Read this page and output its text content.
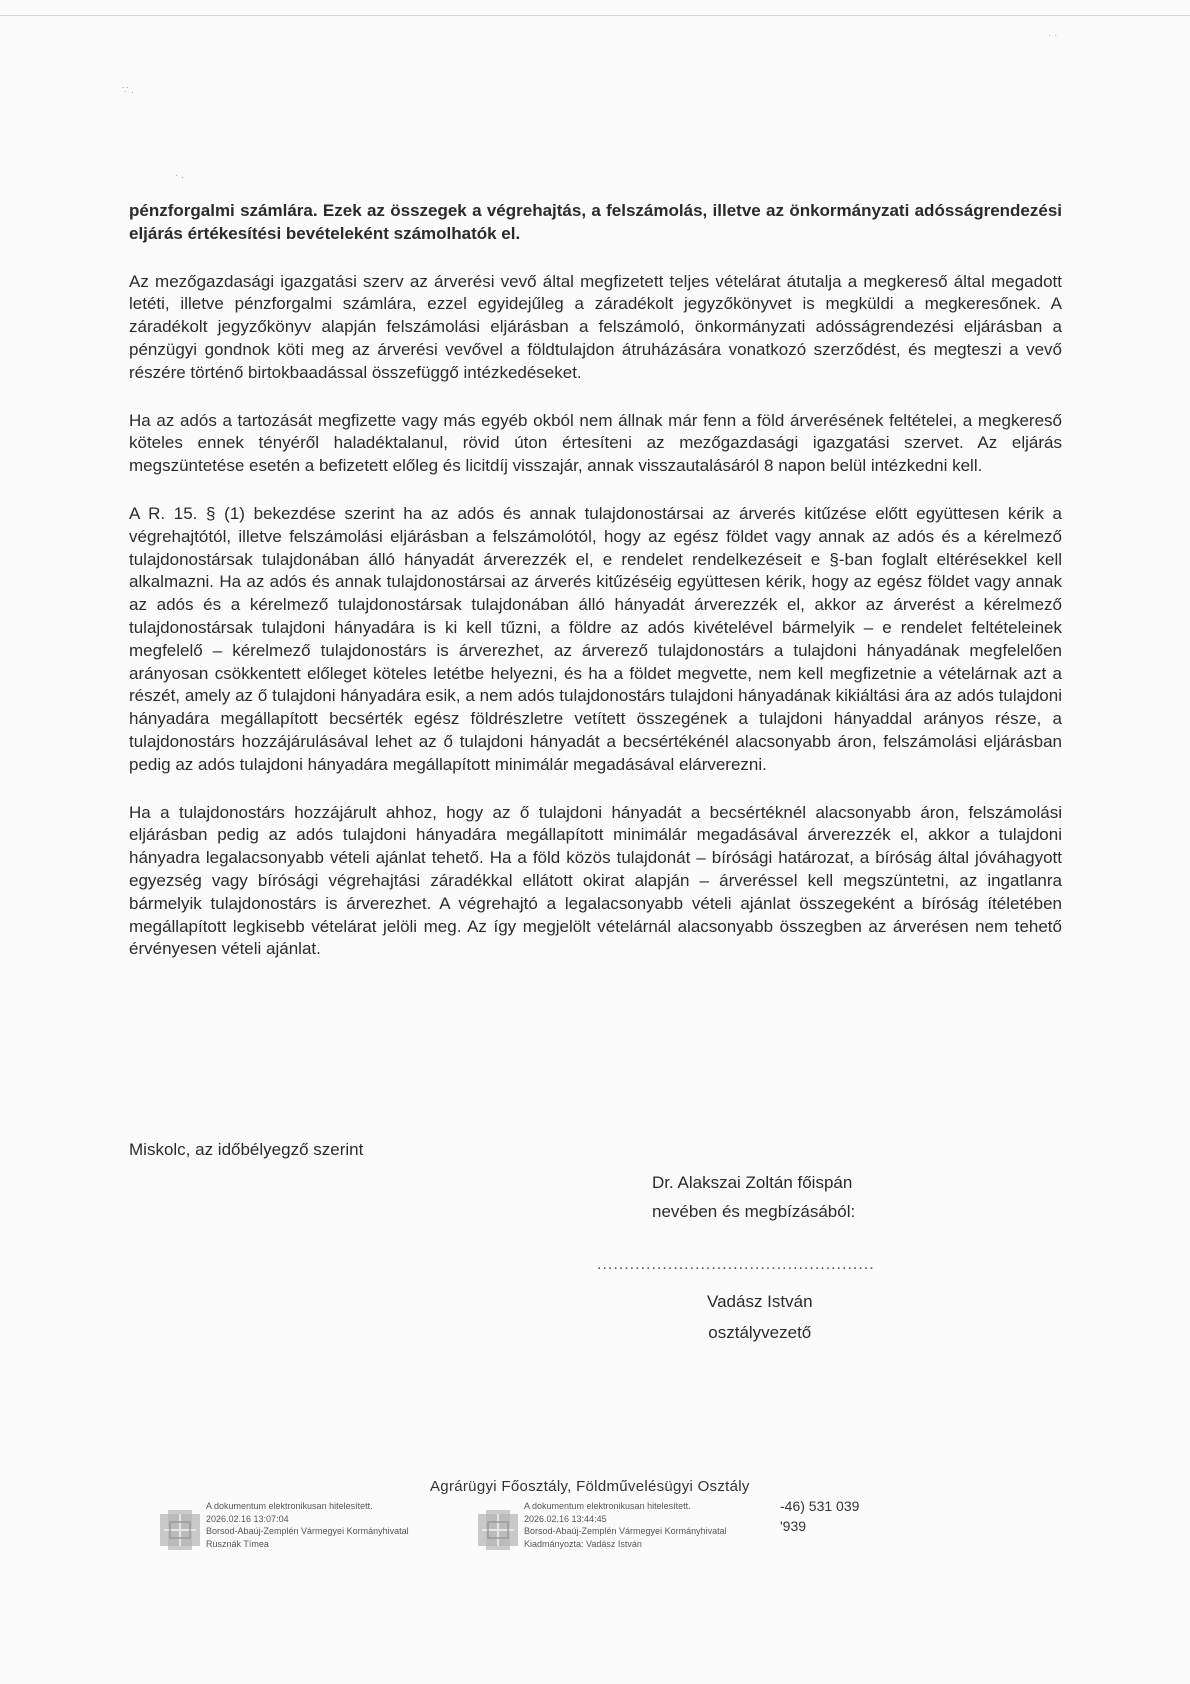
∵ .
· .
· ·

pénzforgalmi számlára. Ezek az összegek a végrehajtás, a felszámolás, illetve az önkormányzati adósságrendezési eljárás értékesítési bevételeként számolhatók el.

Az mezőgazdasági igazgatási szerv az árverési vevő által megfizetett teljes vételárat átutalja a megkereső által megadott letéti, illetve pénzforgalmi számlára, ezzel egyidejűleg a záradékolt jegyzőkönyvet is megküldi a megkeresőnek. A záradékolt jegyzőkönyv alapján felszámolási eljárásban a felszámoló, önkormányzati adósságrendezési eljárásban a pénzügyi gondnok köti meg az árverési vevővel a földtulajdon átruházására vonatkozó szerződést, és megteszi a vevő részére történő birtokbaadással összefüggő intézkedéseket.

Ha az adós a tartozását megfizette vagy más egyéb okból nem állnak már fenn a föld árverésének feltételei, a megkereső köteles ennek tényéről haladéktalanul, rövid úton értesíteni az mezőgazdasági igazgatási szervet. Az eljárás megszüntetése esetén a befizetett előleg és licitdíj visszajár, annak visszautalásáról 8 napon belül intézkedni kell.

A R. 15. § (1) bekezdése szerint ha az adós és annak tulajdonostársai az árverés kitűzése előtt együttesen kérik a végrehajtótól, illetve felszámolási eljárásban a felszámolótól, hogy az egész földet vagy annak az adós és a kérelmező tulajdonostársak tulajdonában álló hányadát árverezzék el, e rendelet rendelkezéseit e §-ban foglalt eltérésekkel kell alkalmazni. Ha az adós és annak tulajdonostársai az árverés kitűzéséig együttesen kérik, hogy az egész földet vagy annak az adós és a kérelmező tulajdonostársak tulajdonában álló hányadát árverezzék el, akkor az árverést a kérelmező tulajdonostársak tulajdoni hányadára is ki kell tűzni, a földre az adós kivételével bármelyik – e rendelet feltételeinek megfelelő – kérelmező tulajdonostárs is árverezhet, az árverező tulajdonostárs a tulajdoni hányadának megfelelően arányosan csökkentett előleget köteles letétbe helyezni, és ha a földet megvette, nem kell megfizetnie a vételárnak azt a részét, amely az ő tulajdoni hányadára esik, a nem adós tulajdonostárs tulajdoni hányadának kikiáltási ára az adós tulajdoni hányadára megállapított becsérték egész földrészletre vetített összegének a tulajdoni hányaddal arányos része, a tulajdonostárs hozzájárulásával lehet az ő tulajdoni hányadát a becsértékénél alacsonyabb áron, felszámolási eljárásban pedig az adós tulajdoni hányadára megállapított minimálár megadásával elárverezni.

Ha a tulajdonostárs hozzájárult ahhoz, hogy az ő tulajdoni hányadát a becsértéknél alacsonyabb áron, felszámolási eljárásban pedig az adós tulajdoni hányadára megállapított minimálár megadásával árverezzék el, akkor a tulajdoni hányadra legalacsonyabb vételi ajánlat tehető. Ha a föld közös tulajdonát – bírósági határozat, a bíróság által jóváhagyott egyezség vagy bírósági végrehajtási záradékkal ellátott okirat alapján – árveréssel kell megszüntetni, az ingatlanra bármelyik tulajdonostárs is árverezhet. A végrehajtó a legalacsonyabb vételi ajánlat összegeként a bíróság ítéletében megállapított legkisebb vételárat jelöli meg. Az így megjelölt vételárnál alacsonyabb összegben az árverésen nem tehető érvényesen vételi ajánlat.

Miskolc, az időbélyegző szerint
Dr. Alakszai Zoltán főispán
nevében és megbízásából:
...................................................
Vadász István
osztályvezető
Agrárügyi Főosztály, Földművelésügyi Osztály
-46) 531 039
'939
A dokumentum elektronikusan hitelesített.
2026.02.16 13:07:04
Borsod-Abaúj-Zemplén Vármegyei Kormányhivatal
Rusznák Tímea
A dokumentum elektronikusan hitelesített.
2026.02.16 13:44:45
Borsod-Abaúj-Zemplén Vármegyei Kormányhivatal
Kiadmányozta: Vadász István
